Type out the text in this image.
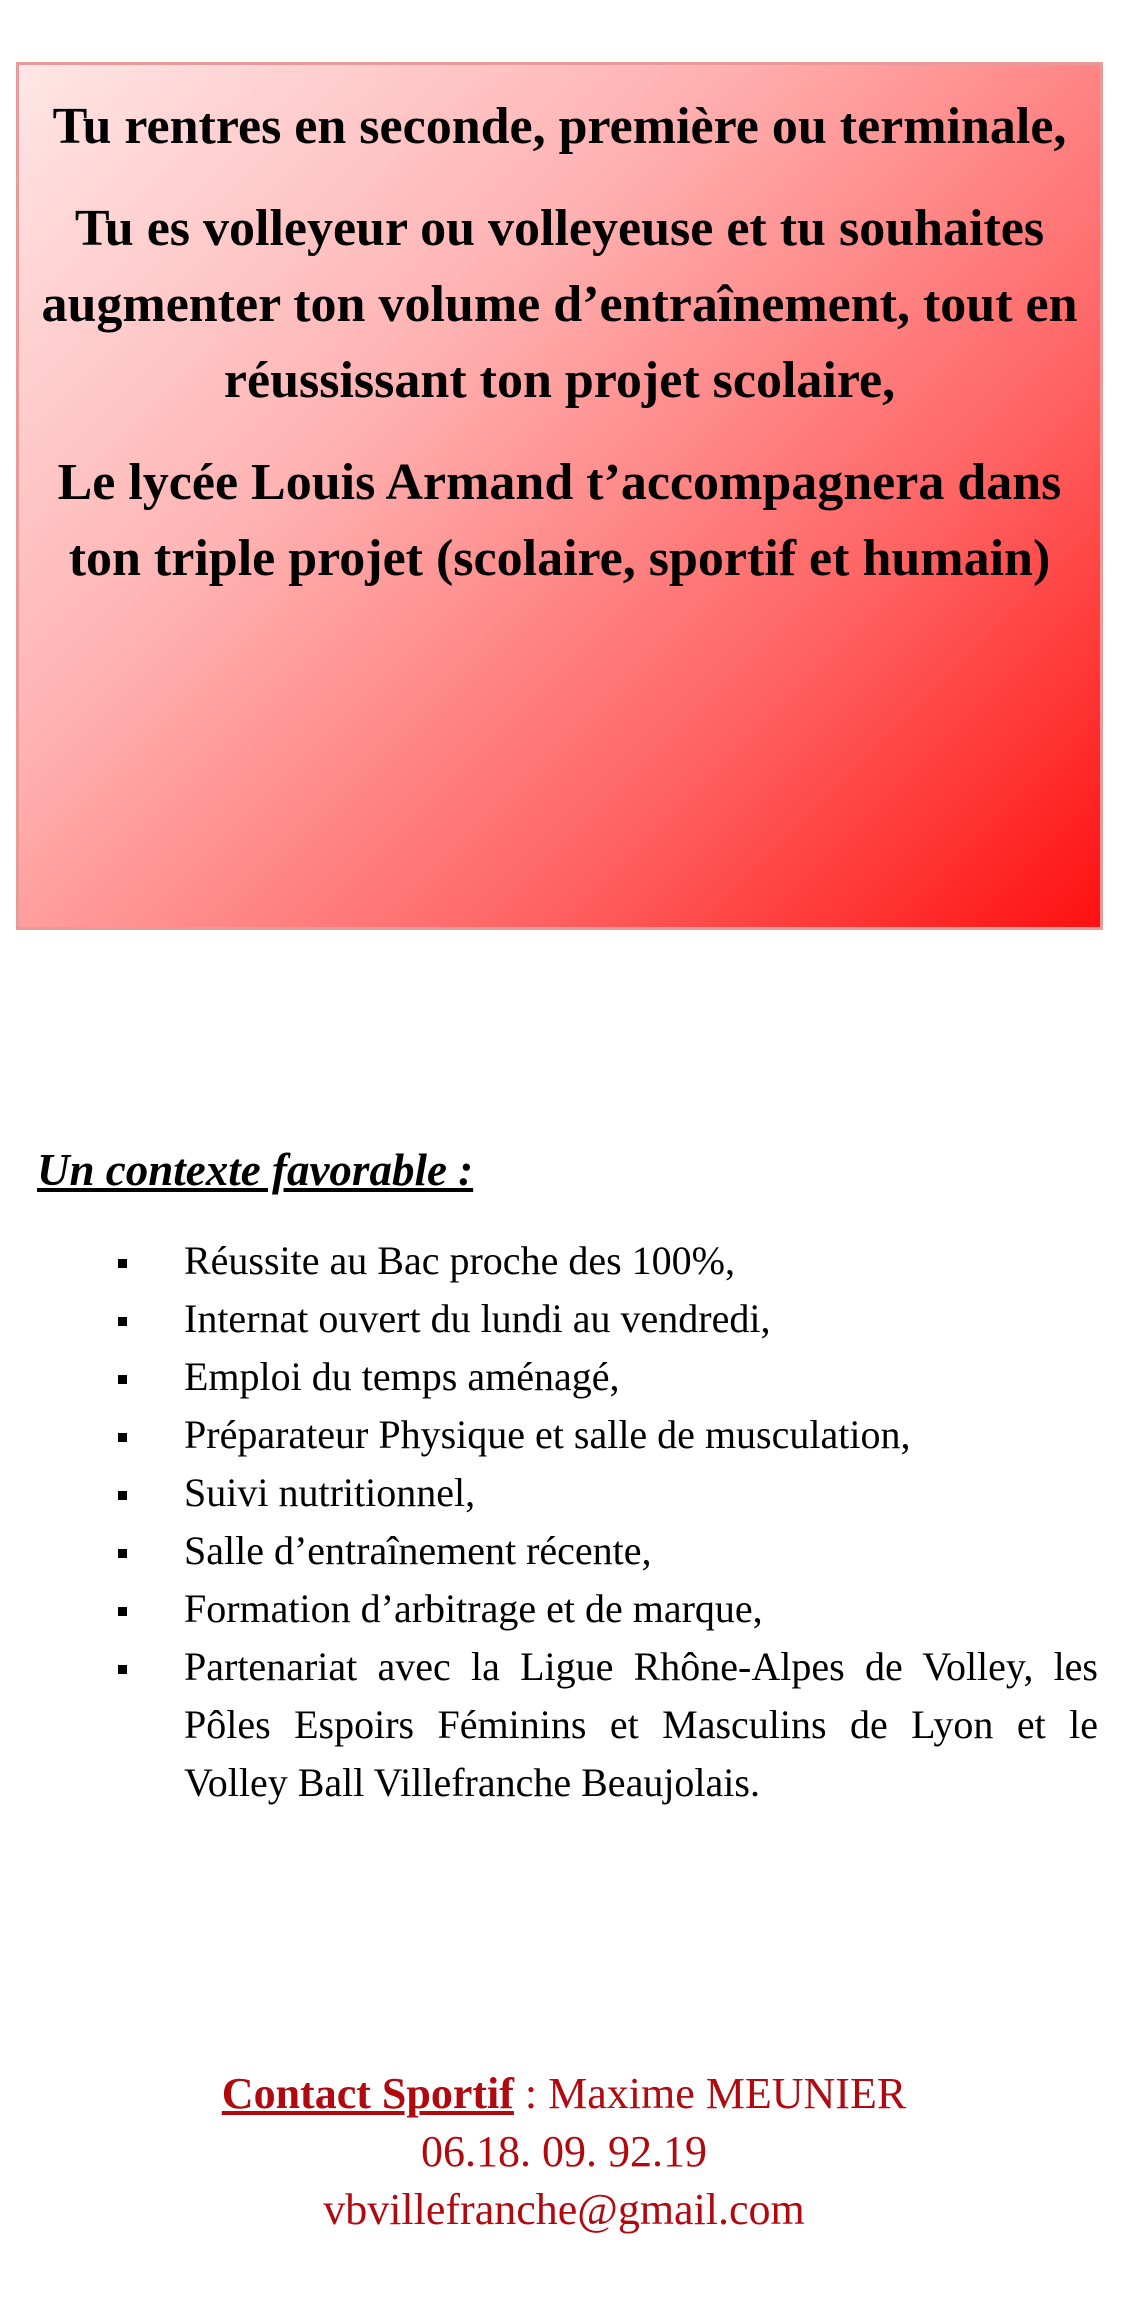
Tu rentres en seconde, première ou terminale,

Tu es volleyeur ou volleyeuse et tu souhaites augmenter ton volume d’entraînement, tout en réussissant ton projet scolaire,

Le lycée Louis Armand t’accompagnera dans ton triple projet (scolaire, sportif et humain)

Un contexte favorable :
Réussite au Bac proche des 100%,
Internat ouvert du lundi au vendredi,
Emploi du temps aménagé,
Préparateur Physique et salle de musculation,
Suivi nutritionnel,
Salle d’entraînement récente,
Formation d’arbitrage et de marque,
Partenariat avec la Ligue Rhône-Alpes de Volley, les Pôles Espoirs Féminins et Masculins de Lyon et le Volley Ball Villefranche Beaujolais.
Contact Sportif : Maxime MEUNIER
06.18. 09. 92.19
vbvillefranche@gmail.com
